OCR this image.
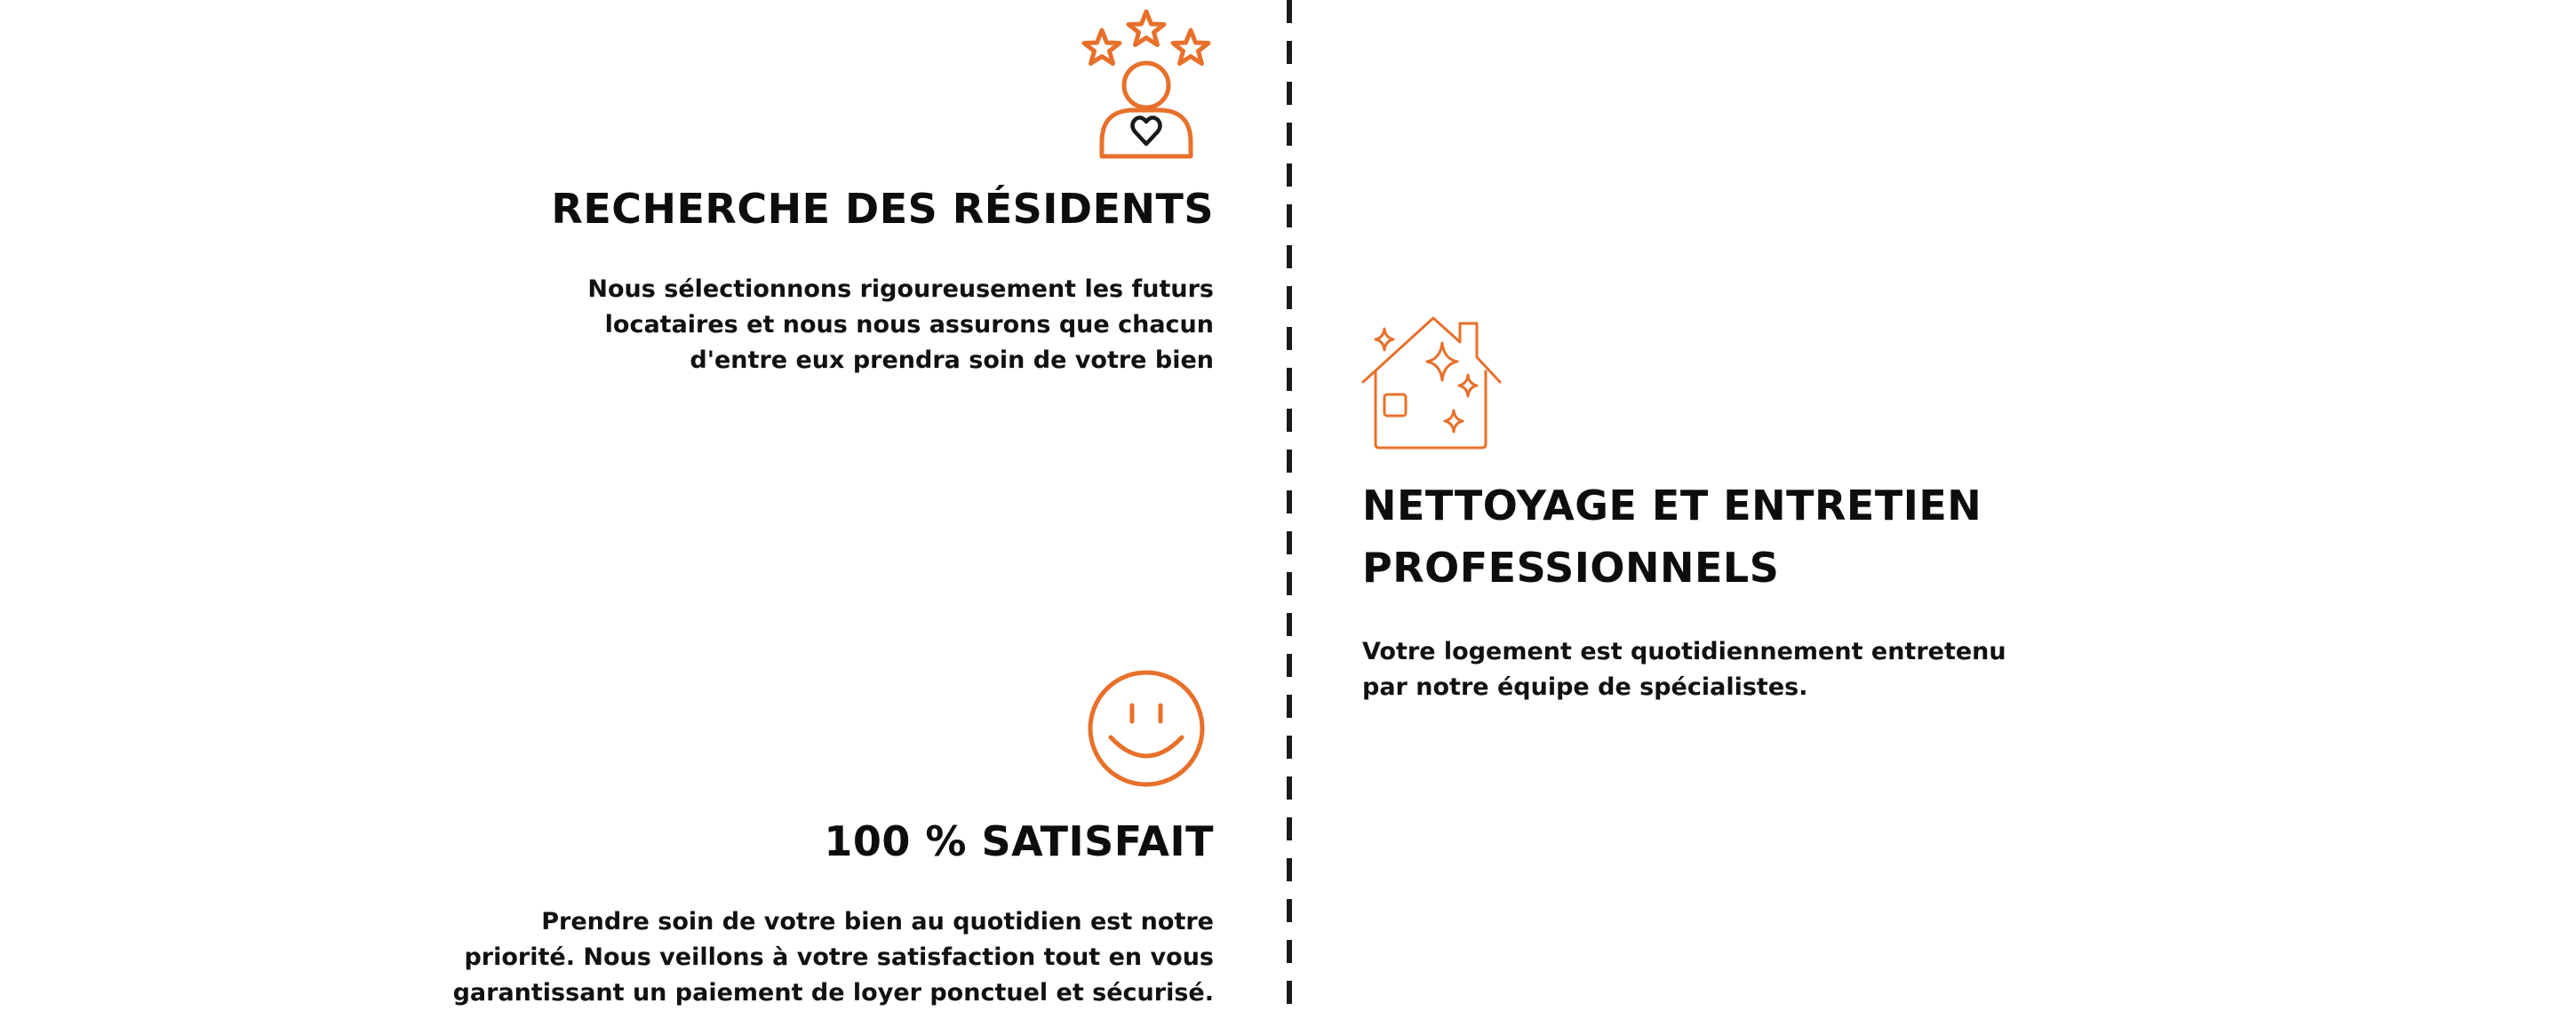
RECHERCHE DES RÉSIDENTS

Nous sélectionnons rigoureusement les futurs
locataires et nous nous assurons que chacun
d'entre eux prendra soin de votre bien

NETTOYAGE ET ENTRETIEN
PROFESSIONNELS

Votre logement est quotidiennement entretenu
par notre équipe de spécialistes.

100 % SATISFAIT

Prendre soin de votre bien au quotidien est notre
priorité. Nous veillons à votre satisfaction tout en vous
garantissant un paiement de loyer ponctuel et sécurisé.
